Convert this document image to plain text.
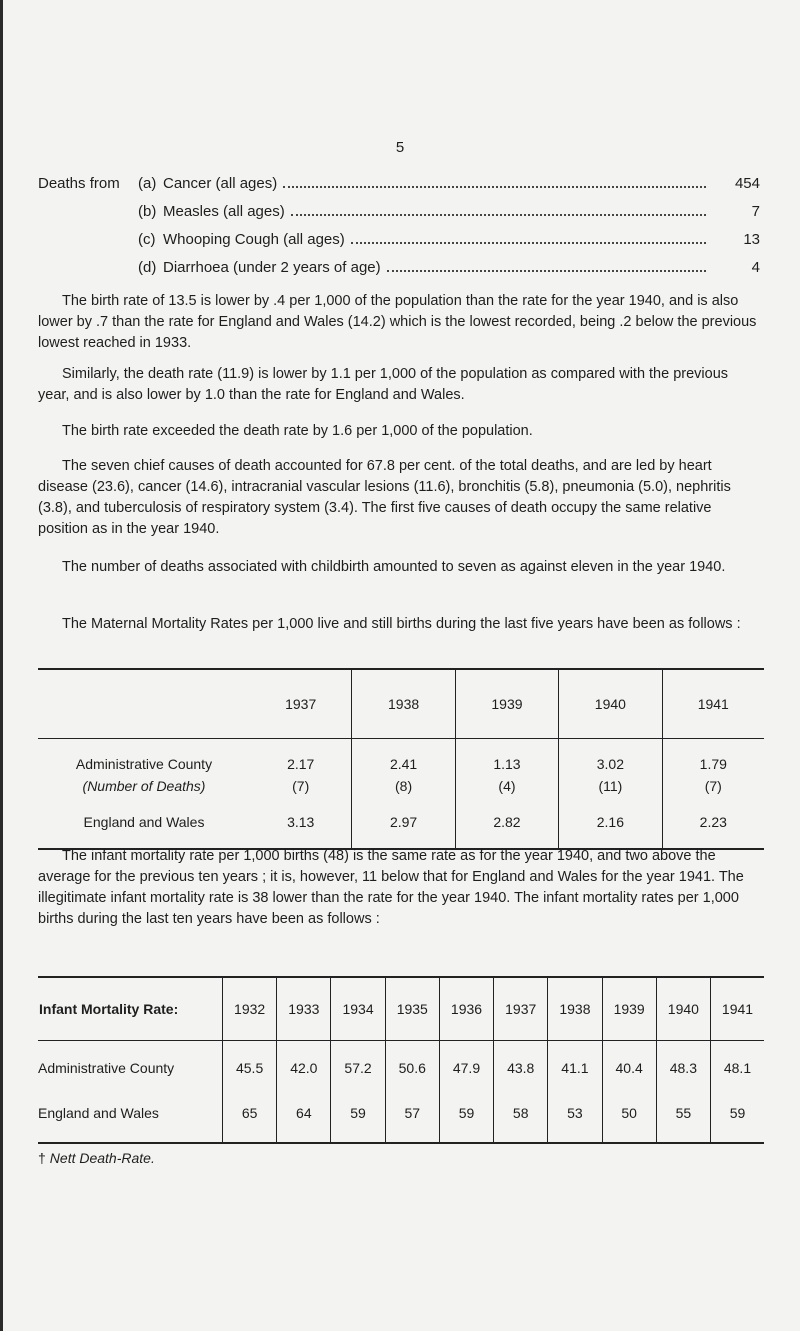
5
Deaths from	(a) Cancer (all ages)	454
(b) Measles (all ages)	7
(c) Whooping Cough (all ages)	13
(d) Diarrhoea (under 2 years of age)	4

The birth rate of 13.5 is lower by .4 per 1,000 of the population than the rate for the year 1940, and is also lower by .7 than the rate for England and Wales (14.2) which is the lowest recorded, being .2 below the previous lowest reached in 1933.

Similarly, the death rate (11.9) is lower by 1.1 per 1,000 of the population as compared with the previous year, and is also lower by 1.0 than the rate for England and Wales.

The birth rate exceeded the death rate by 1.6 per 1,000 of the population.

The seven chief causes of death accounted for 67.8 per cent. of the total deaths, and are led by heart disease (23.6), cancer (14.6), intracranial vascular lesions (11.6), bronchitis (5.8), pneumonia (5.0), nephritis (3.8), and tuberculosis of respiratory system (3.4). The first five causes of death occupy the same relative position as in the year 1940.

The number of deaths associated with childbirth amounted to seven as against eleven in the year 1940.

The Maternal Mortality Rates per 1,000 live and still births during the last five years have been as follows :

	1937	1938	1939	1940	1941

Administrative County	2.17	2.41	1.13	3.02	1.79
(Number of Deaths)	(7)	(8)	(4)	(11)	(7)

England and Wales	3.13	2.97	2.82	2.16	2.23

The infant mortality rate per 1,000 births (48) is the same rate as for the year 1940, and two above the average for the previous ten years ; it is, however, 11 below that for England and Wales for the year 1941. The illegitimate infant mortality rate is 38 lower than the rate for the year 1940. The infant mortality rates per 1,000 births during the last ten years have been as follows :

Infant Mortality Rate:	1932	1933	1934	1935	1936	1937	1938	1939	1940	1941
Administrative County	45.5	42.0	57.2	50.6	47.9	43.8	41.1	40.4	48.3	48.1
England and Wales	65	64	59	57	59	58	53	50	55	59

† Nett Death-Rate.
